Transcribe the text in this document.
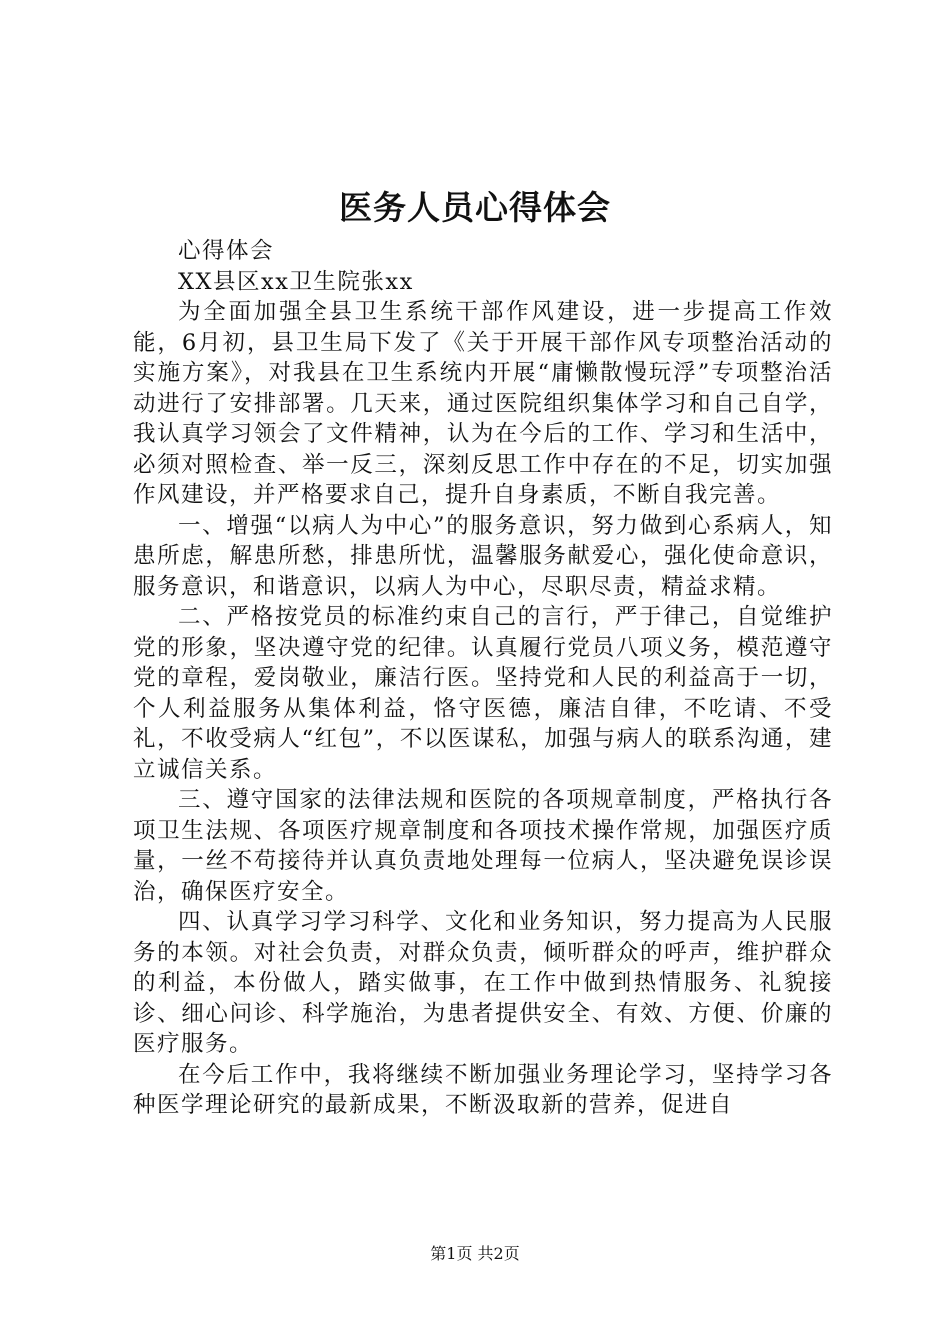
医务人员心得体会

心得体会

XX县区xx卫生院张xx

为全面加强全县卫生系统干部作风建设，进一步提高工作效能，6月初，县卫生局下发了《关于开展干部作风专项整治活动的实施方案》，对我县在卫生系统内开展“庸懒散慢玩浮”专项整治活动进行了安排部署。几天来，通过医院组织集体学习和自己自学，我认真学习领会了文件精神，认为在今后的工作、学习和生活中，必须对照检查、举一反三，深刻反思工作中存在的不足，切实加强作风建设，并严格要求自己，提升自身素质，不断自我完善。

一、增强“以病人为中心”的服务意识，努力做到心系病人，知患所虑，解患所愁，排患所忧，温馨服务献爱心，强化使命意识，服务意识，和谐意识，以病人为中心，尽职尽责，精益求精。

二、严格按党员的标准约束自己的言行，严于律己，自觉维护党的形象，坚决遵守党的纪律。认真履行党员八项义务，模范遵守党的章程，爱岗敬业，廉洁行医。坚持党和人民的利益高于一切，个人利益服务从集体利益，恪守医德，廉洁自律，不吃请、不受礼，不收受病人“红包”，不以医谋私，加强与病人的联系沟通，建立诚信关系。

三、遵守国家的法律法规和医院的各项规章制度，严格执行各项卫生法规、各项医疗规章制度和各项技术操作常规，加强医疗质量，一丝不苟接待并认真负责地处理每一位病人，坚决避免误诊误治，确保医疗安全。

四、认真学习学习科学、文化和业务知识，努力提高为人民服务的本领。对社会负责，对群众负责，倾听群众的呼声，维护群众的利益，本份做人，踏实做事，在工作中做到热情服务、礼貌接诊、细心问诊、科学施治，为患者提供安全、有效、方便、价廉的医疗服务。

在今后工作中，我将继续不断加强业务理论学习，坚持学习各种医学理论研究的最新成果，不断汲取新的营养，促进自

第1页 共2页
